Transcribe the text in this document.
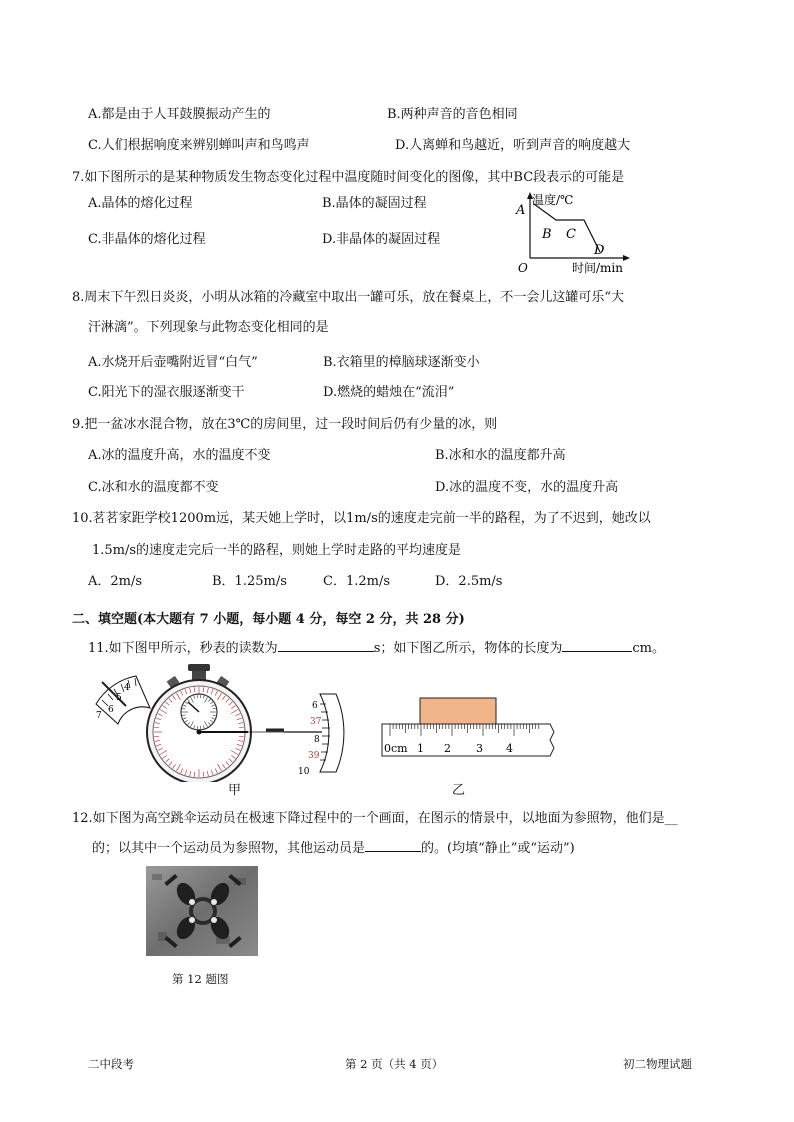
A.都是由于人耳鼓膜振动产生的	B.两种声音的音色相同
C.人们根据响度来辨别蝉叫声和鸟鸣声	D.人离蝉和鸟越近，听到声音的响度越大
7.如下图所示的是某种物质发生物态变化过程中温度随时间变化的图像，其中BC段表示的可能是
A.晶体的熔化过程	B.晶体的凝固过程
C.非晶体的熔化过程	D.非晶体的凝固过程
温度/℃
A
B C
D
O	时间/min
8.周末下午烈日炎炎，小明从冰箱的冷藏室中取出一罐可乐，放在餐桌上，不一会儿这罐可乐“大
汗淋漓”。下列现象与此物态变化相同的是
A.水烧开后壶嘴附近冒“白气”	B.衣箱里的樟脑球逐渐变小
C.阳光下的湿衣服逐渐变干	D.燃烧的蜡烛在“流泪”
9.把一盆冰水混合物，放在3℃的房间里，过一段时间后仍有少量的冰，则
A.冰的温度升高，水的温度不变	B.冰和水的温度都升高
C.冰和水的温度都不变	D.冰的温度不变，水的温度升高
10.茗茗家距学校1200m远，某天她上学时，以1m/s的速度走完前一半的路程，为了不迟到，她改以
1.5m/s的速度走完后一半的路程，则她上学时走路的平均速度是
A．2m/s	B．1.25m/s	C．1.2m/s	D．2.5m/s
二、填空题(本大题有 7 小题，每小题 4 分，每空 2 分，共 28 分)
11.如下图甲所示，秒表的读数为	s；如下图乙所示，物体的长度为	cm。
4
5
6
7
6
37
8
39
10
甲
0cm 1 2 3 4
乙
12.如下图为高空跳伞运动员在极速下降过程中的一个画面，在图示的情景中，以地面为参照物，他们是__
的；以其中一个运动员为参照物，其他运动员是	的。(均填“静止”或“运动”)
第 12 题图
二中段考	第 2 页（共 4 页）	初二物理试题
